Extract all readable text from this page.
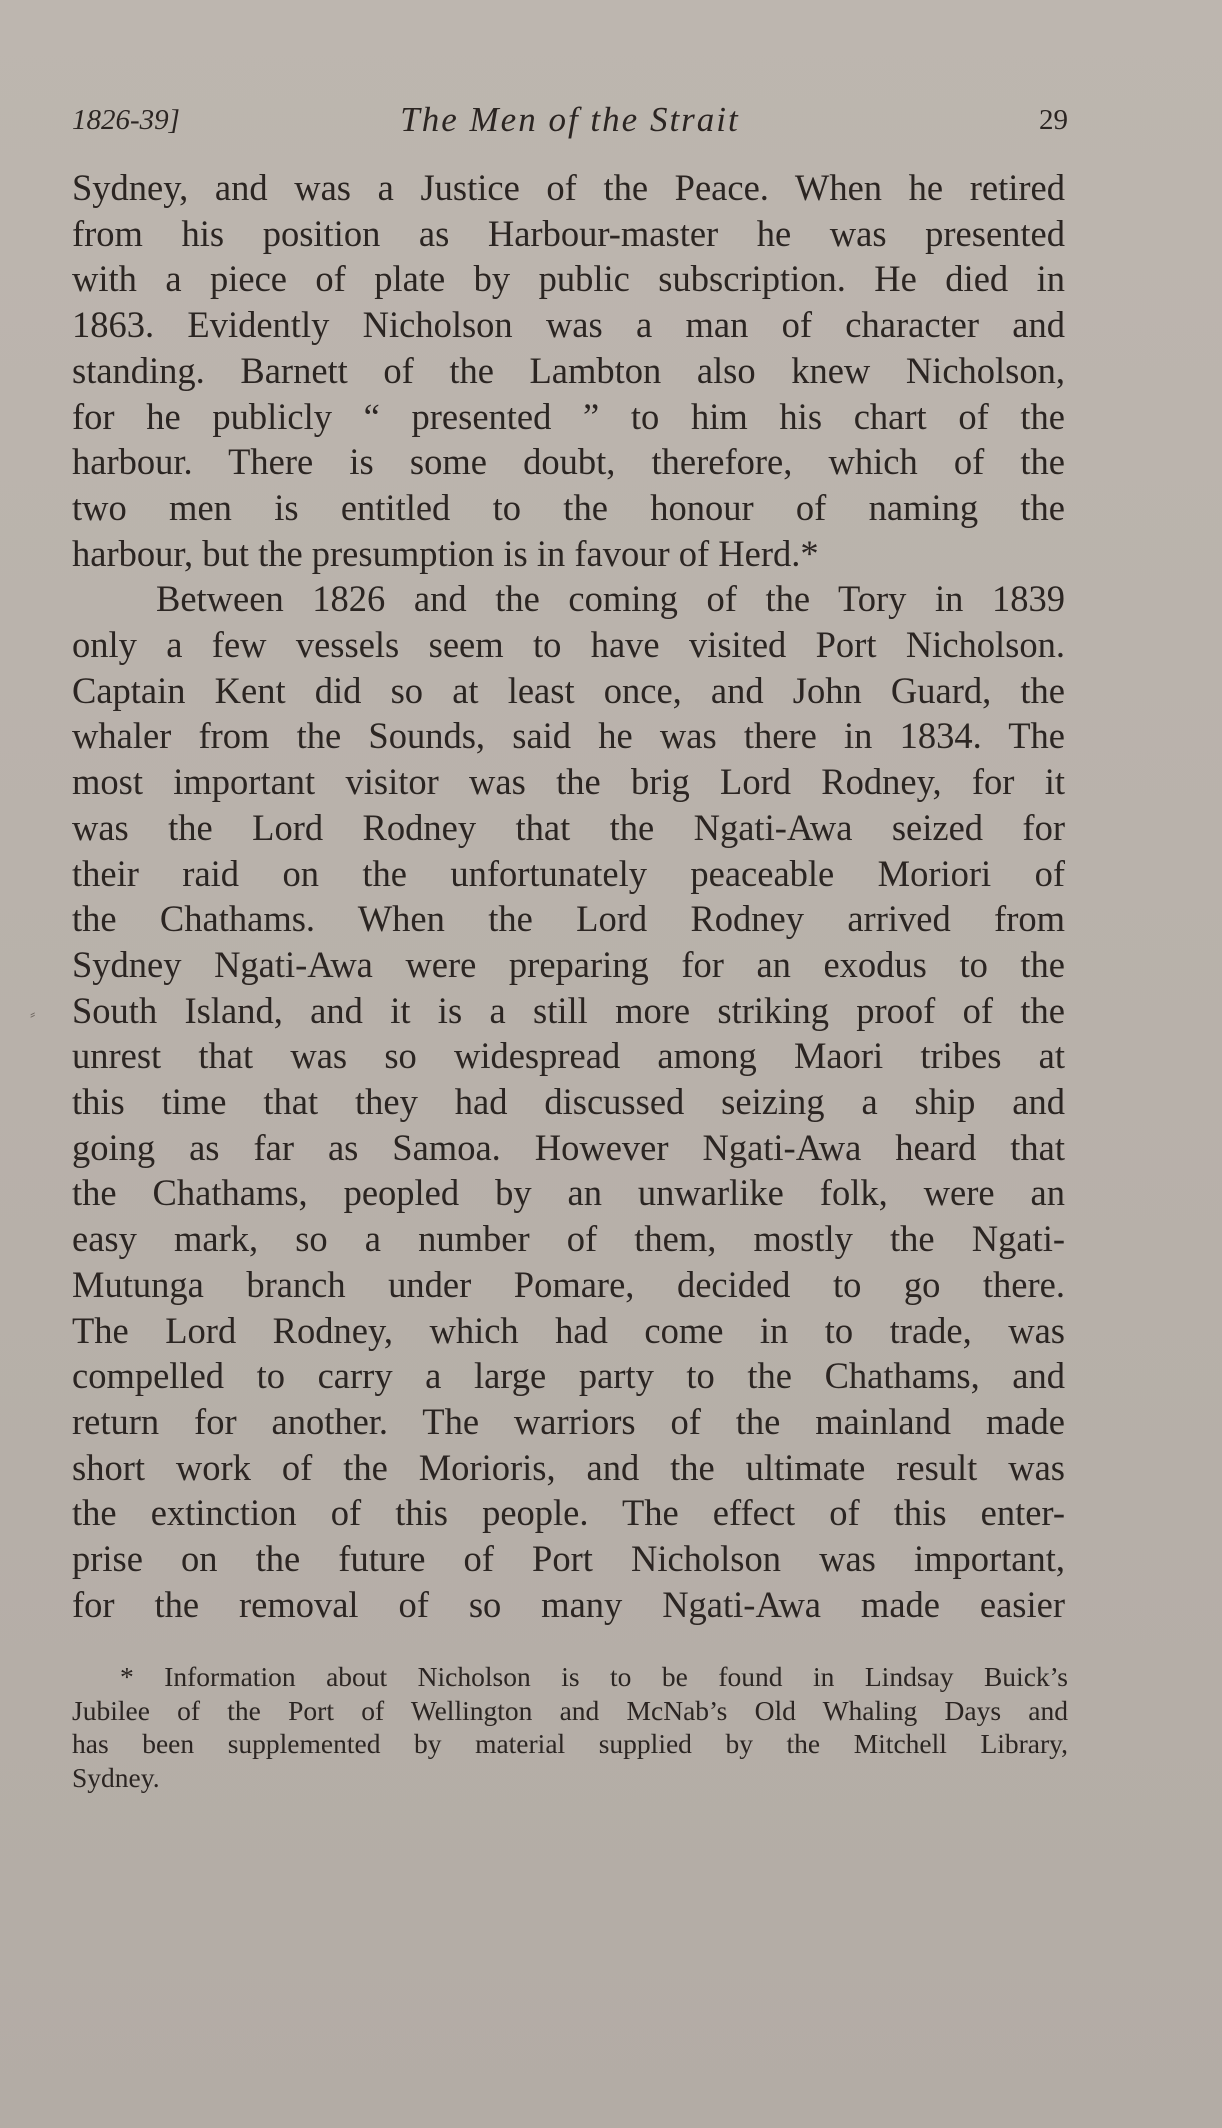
1826-39]	The Men of the Strait	29
⸗
Sydney, and was a Justice of the Peace. When he retired
from his position as Harbour-master he was presented
with a piece of plate by public subscription. He died in
1863. Evidently Nicholson was a man of character and
standing. Barnett of the Lambton also knew Nicholson,
for he publicly “ presented ” to him his chart of the
harbour. There is some doubt, therefore, which of the
two men is entitled to the honour of naming the
harbour, but the presumption is in favour of Herd.*
Between 1826 and the coming of the Tory in 1839
only a few vessels seem to have visited Port Nicholson.
Captain Kent did so at least once, and John Guard, the
whaler from the Sounds, said he was there in 1834. The
most important visitor was the brig Lord Rodney, for it
was the Lord Rodney that the Ngati-Awa seized for
their raid on the unfortunately peaceable Moriori of
the Chathams. When the Lord Rodney arrived from
Sydney Ngati-Awa were preparing for an exodus to the
South Island, and it is a still more striking proof of the
unrest that was so widespread among Maori tribes at
this time that they had discussed seizing a ship and
going as far as Samoa. However Ngati-Awa heard that
the Chathams, peopled by an unwarlike folk, were an
easy mark, so a number of them, mostly the Ngati-
Mutunga branch under Pomare, decided to go there.
The Lord Rodney, which had come in to trade, was
compelled to carry a large party to the Chathams, and
return for another. The warriors of the mainland made
short work of the Morioris, and the ultimate result was
the extinction of this people. The effect of this enter-
prise on the future of Port Nicholson was important,
for the removal of so many Ngati-Awa made easier
* Information about Nicholson is to be found in Lindsay Buick’s
Jubilee of the Port of Wellington and McNab’s Old Whaling Days and
has been supplemented by material supplied by the Mitchell Library,
Sydney.
